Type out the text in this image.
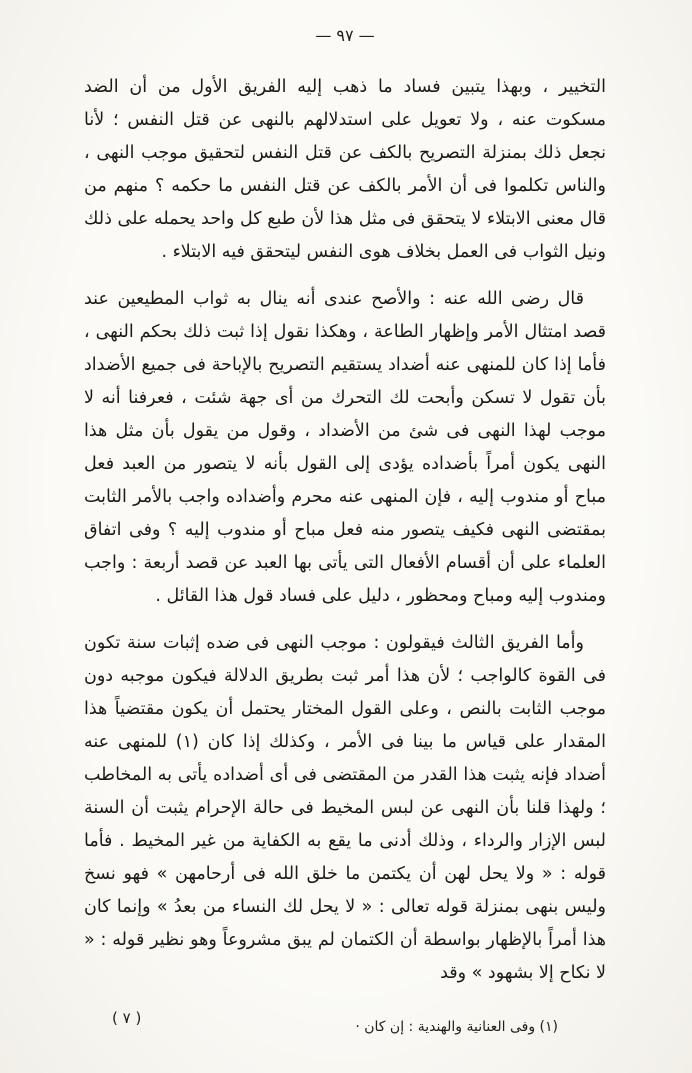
— ٩٧ —

التخيير ، وبهذا يتبين فساد ما ذهب إليه الفريق الأول من أن الضد مسكوت عنه ، ولا تعويل على استدلالهم بالنهى عن قتل النفس ؛ لأنا نجعل ذلك بمنزلة التصريح بالكف عن قتل النفس لتحقيق موجب النهى ، والناس تكلموا فى أن الأمر بالكف عن قتل النفس ما حكمه ؟ منهم من قال معنى الابتلاء لا يتحقق فى مثل هذا لأن طبع كل واحد يحمله على ذلك ونيل الثواب فى العمل بخلاف هوى النفس ليتحقق فيه الابتلاء .

قال رضى الله عنه : والأصح عندى أنه ينال به ثواب المطيعين عند قصد امتثال الأمر وإظهار الطاعة ، وهكذا نقول إذا ثبت ذلك بحكم النهى ، فأما إذا كان للمنهى عنه أضداد يستقيم التصريح بالإباحة فى جميع الأضداد بأن تقول لا تسكن وأبحت لك التحرك من أى جهة شئت ، فعرفنا أنه لا موجب لهذا النهى فى شئ من الأضداد ، وقول من يقول بأن مثل هذا النهى يكون أمراً بأضداده يؤدى إلى القول بأنه لا يتصور من العبد فعل مباح أو مندوب إليه ، فإن المنهى عنه محرم وأضداده واجب بالأمر الثابت بمقتضى النهى فكيف يتصور منه فعل مباح أو مندوب إليه ؟ وفى اتفاق العلماء على أن أقسام الأفعال التى يأتى بها العبد عن قصد أربعة : واجب ومندوب إليه ومباح ومحظور ، دليل على فساد قول هذا القائل .

وأما الفريق الثالث فيقولون : موجب النهى فى ضده إثبات سنة تكون فى القوة كالواجب ؛ لأن هذا أمر ثبت بطريق الدلالة فيكون موجبه دون موجب الثابت بالنص ، وعلى القول المختار يحتمل أن يكون مقتضياً هذا المقدار على قياس ما بينا فى الأمر ، وكذلك إذا كان (١) للمنهى عنه أضداد فإنه يثبت هذا القدر من المقتضى فى أى أضداده يأتى به المخاطب ؛ ولهذا قلنا بأن النهى عن لبس المخيط فى حالة الإحرام يثبت أن السنة لبس الإزار والرداء ، وذلك أدنى ما يقع به الكفاية من غير المخيط . فأما قوله : « ولا يحل لهن أن يكتمن ما خلق الله فى أرحامهن » فهو نسخ وليس بنهى بمنزلة قوله تعالى : « لا يحل لك النساء من بعدُ » وإنما كان هذا أمراً بالإظهار بواسطة أن الكتمان لم يبق مشروعاً وهو نظير قوله : « لا نكاح إلا بشهود » وقد

(١) وفى العنانية والهندية : إن كان ·
( ٧ )
